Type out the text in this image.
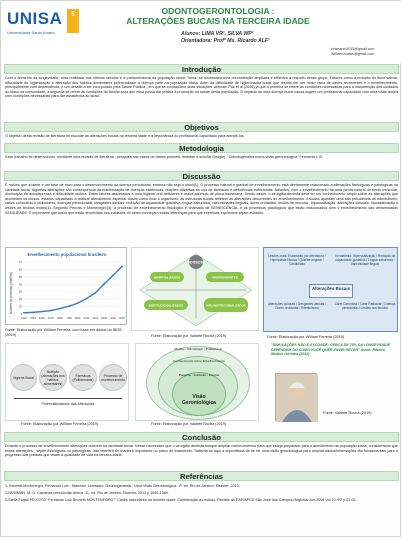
UNISA
Universidade Santo Amaro
5	ODONTOGERONTOLOGIA :
ALTERAÇÕES BUCAIS NA TERCEIRA IDADE
Alunos: LIMA VR¹, SILVA WP¹
Orientadora: Profª Ms. Ricardo ALF¹
vinimarco2015@gmail.com
William.holass@gmail.com
Introdução
Com o aumento da longevidade, uma realidade nos últimos séculos é a predominância da população idosa. Torna- se necessária uma reconstrução ampliada e reflexiva a respeito desse grupo. Fatores como a redução do fluxo salivar, dificuldade de higienização e alteração dos hábitos alimentares potencializam a doença cárie na população idosa. Além da dificuldade de higienização bucal que resulta em um maior risco de cáries recorrentes e o envelhecimento, principalmente com dependência, é um desafio a ser incorporado pela Saúde Pública , em que se contrapõem duas situações, afirmam Paz et al.(2006) já que a primeira se refere às condições necessárias para a manutenção dos cuidados ao idoso na comunidade, a segunda se refere às condições da família para que essa possa dar prática à promoção da saúde desta população. O impacto de uma doença bucal causa sugere um profissional capacitado com uma visão ampla com condições necessárias para dar assistência ao idoso.
Objetivos
O objetivo desta revisão de literatura foi elucidar as alterações bucais na terceira idade e a importância do profissional capacitado para atendê-los.
Metodologia
Esse trabalho foi desenvolvido, mediante uma revisão de literatura ; pesquisa nas bases de dados pubmed, embase e scholar Google). "Odontogeriatria numa visão gerontológica" Fernando L.B.
Discussão
É notório que a idade é um fator de risco para o desenvolvimento da doença periodontal, embora não seja o único(1). O processo natural e gradual de envelhecimento está diretamente relacionado à alterações fisiológicas e patológicas na cavidade bucal. Algumas alterações são consequência da manifestação de doenças sistêmicas, reações adversas do uso de fármacos e deficiências nutricionais. Adiantes, com o envelhecimento há uma perda natural do tônus muscular, diminuição da autodepressa e dificuldade motora. Estes fatores associados a uma higiene oral deficiente e maior acúmulo de placa bacteriana. Sendo assim, o cirurgião-dentista deve ter um conhecimento amplo sobre as alterações que acometem os idosos, estando capacitado a realizar atendimento especial. Assim como todo o organismo, as estruturas bucais refletem as alterações decorrentes do envelhecimento. Estudos apontam uma alta prevalência de edentulismo, cáries coronárias e radiculares, doenças periodontais, desgastes dentais, redução da capacidade gustativa, língua saburrosa, varicosidades linguais, dores orofaciais, lesões de mucosa , hipossalivação, alterações oclusais, hipossalivação e lesões de tecidos moles(1). Segundo Peixoto e Montenegro(3), o processo de envelhecimento fisiológico é chamado de SENESCÊNCIA, e os processos patológicos que estão relacionados com o envelhecimento são denominados SENILIDADE. É importante que todos que estão envolvidos nos cuidados do idoso conheçam essas diferenças para que eventuais equívocos sejam evitados.
Envelhecimento populacional brasileiro
Número de pessoas (milhões)	0
10
20
30
40
50
60
70
1940 1950 1960 1970 1980 1991 2000 2010 2020 2030 2040 2050
Fonte: Elaboração por William Ferreira, com base em dados do IBGE (2019)
IDOSOS
HOSPITALIZADOS	INDEPENDENTES
INSTITUCIONALIZADOS	NÃO INSTITUCIONALIZADOS
Fonte: Elaboração por Valdete Rocha (2019)
Lesões orais: Estomatite por dentadura / Hiperplasia fibrosa / Queilite angular / Candidíase
Xerostomia: Hiperssalivação / Redução da capacidade gustativa / Língua saburrosa / Varicosidade lingual
Alterações Bucais
Alterações oclusais / Desgastes dentais / Dores orofaciais / Edentulismo
Cárie Coronária / Cárie Radicular / Doença periodontal / Lesões nos tecidos
Fonte: Elaboração por William Ferreira (2019)
Higiene Bucal
Nutrição (alterações nos hábitos alimentares)
Fármacos (Polifarmácia)
Processo de envelhecimento
Potencializadores das Alterações
Fonte: Elaboração por William Ferreira (2019)
Médico - Odontólogo - Profissional
Conhecimento sobre Envelhecimento
Paciente - Cuidador - Família
Visão Gerontológica
Fonte: Elaboração por Valdete Rocha (2019)
"SIMULAÇÕES NÃO É ESCONDE: CERCA DE 75% DA LONGEVIDADE DEPENDEM DO COMO VOCÊ QUER ENVELHECER" Autor: Ribeiro, Médico Geriatra (2011)
Fonte: Valdete Rocha (2015)
Conclusão
Durante o processo de envelhecimento alterações ocorrem na cavidade bucal. Nesse necessário que o cirurgião-dentista busque ampliar conhecimentos para que esteja preparado para o atendimento da população idosa, considerando que essas alterações , sejam fisiológicas ou patológicas, irão interferir de maneira importante no plano de tratamento. Salienta-se aqui a importância de se ter uma visão gerontológica para ampliar dados/informações tão fundamentais para o progresso das práticas que visam a qualidade de vida na terceira idade.
Referências
1- Brunetti-Montenegro, Fernando Luiz - Marchini, Leonardo. Odontogeriatria - Uma Visão Gerontológica. 1ª. ed. Rio de Janeiro: Elsevier, 2013.
2-NEWMAN, M. G. Carranza periodontia clínica. 11. ed. Rio de Janeiro: Elsevier, 2012 p 1052-1089.
3-Stella Fugali PEIXOTO" Fernando Luiz Brunetti MONTENEGRO"" Cáries radiculares na terceira idade: Contribuição ao estudo. Revista da EAP/APCD.São José dos Campos,Regional Jun.2008 Vol.10 nº2 p.01-04.
